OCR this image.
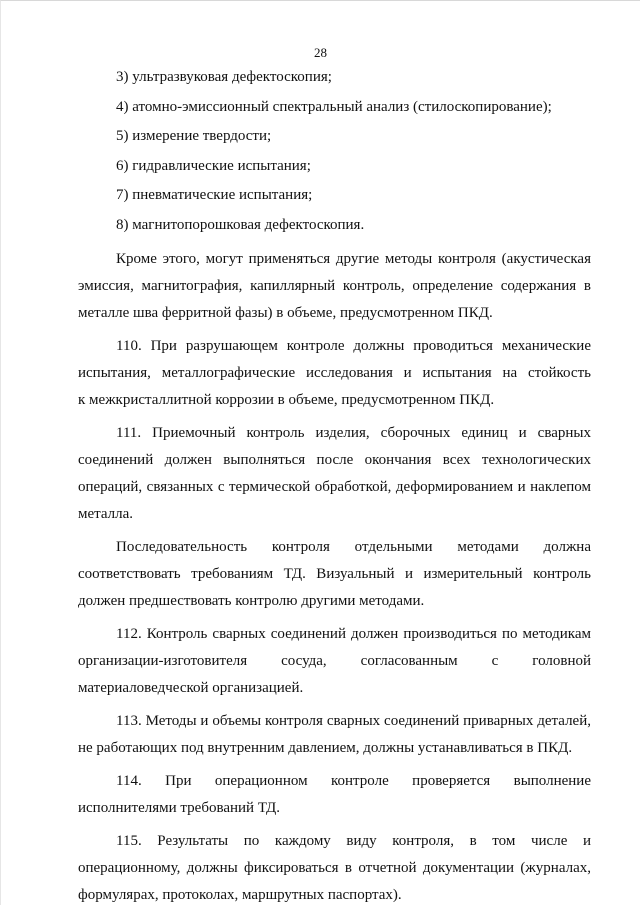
28
3) ультразвуковая дефектоскопия;
4) атомно-эмиссионный спектральный анализ (стилоскопирование);
5) измерение твердости;
6) гидравлические испытания;
7) пневматические испытания;
8) магнитопорошковая дефектоскопия.
Кроме этого, могут применяться другие методы контроля (акустическая
эмиссия, магнитография, капиллярный контроль, определение содержания в
металле шва ферритной фазы) в объеме, предусмотренном ПКД.
110. При разрушающем контроле должны проводиться механические
испытания, металлографические исследования и испытания на стойкость
к межкристаллитной коррозии в объеме, предусмотренном ПКД.
111. Приемочный контроль изделия, сборочных единиц и сварных
соединений должен выполняться после окончания всех технологических
операций, связанных с термической обработкой, деформированием и наклепом
металла.
Последовательность контроля отдельными методами должна
соответствовать требованиям ТД. Визуальный и измерительный контроль
должен предшествовать контролю другими методами.
112. Контроль сварных соединений должен производиться по методикам
организации-изготовителя сосуда, согласованным с головной
материаловедческой организацией.
113. Методы и объемы контроля сварных соединений приварных деталей,
не работающих под внутренним давлением, должны устанавливаться в ПКД.
114. При операционном контроле проверяется выполнение
исполнителями требований ТД.
115. Результаты по каждому виду контроля, в том числе и
операционному, должны фиксироваться в отчетной документации (журналах,
формулярах, протоколах, маршрутных паспортах).
